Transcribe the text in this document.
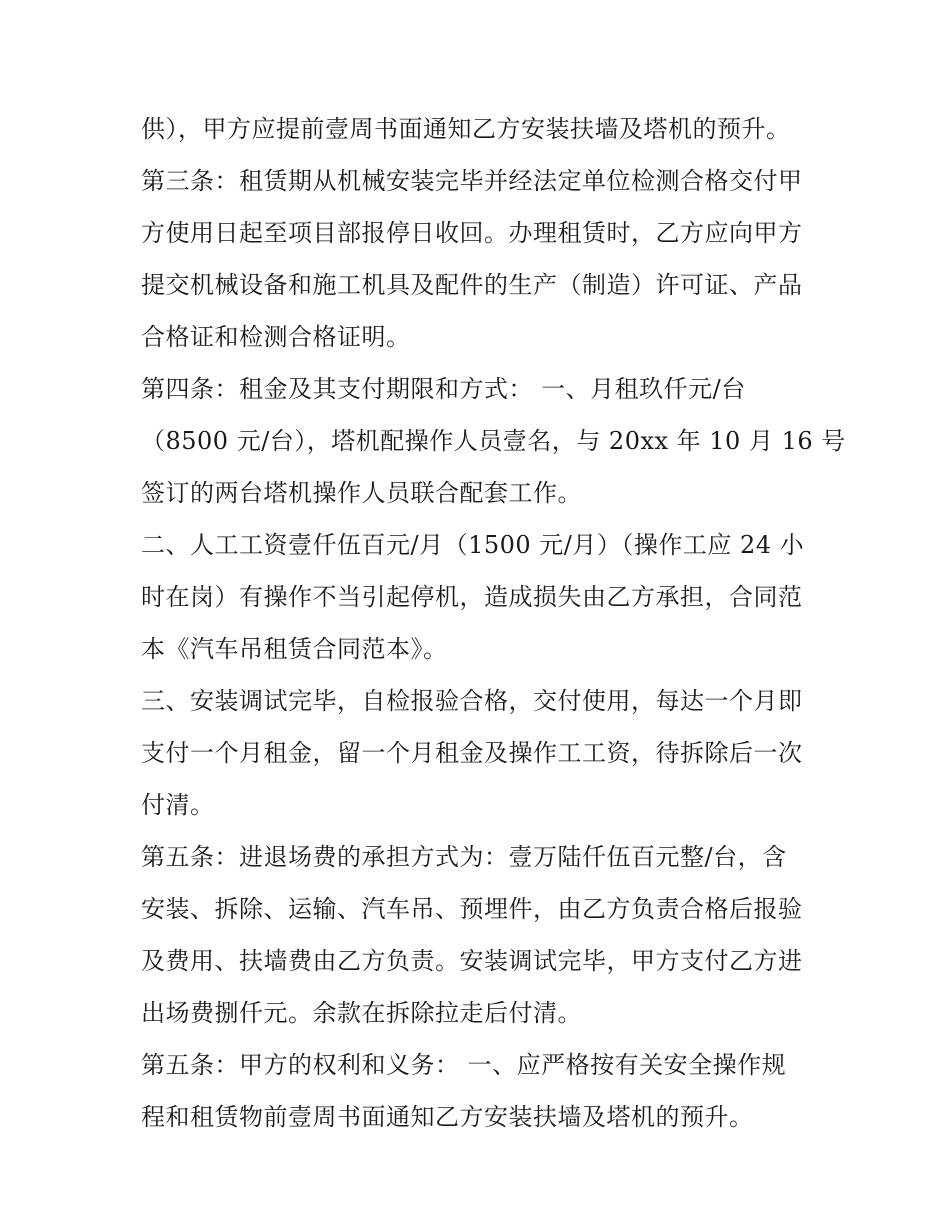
供），甲方应提前壹周书面通知乙方安装扶墙及塔机的预升。
第三条：租赁期从机械安装完毕并经法定单位检测合格交付甲
方使用日起至项目部报停日收回。办理租赁时，乙方应向甲方
提交机械设备和施工机具及配件的生产（制造）许可证、产品
合格证和检测合格证明。
第四条：租金及其支付期限和方式： 一、月租玖仟元/台
（8500 元/台），塔机配操作人员壹名，与 20xx 年 10 月 16 号
签订的两台塔机操作人员联合配套工作。
二、人工工资壹仟伍百元/月（1500 元/月）（操作工应 24 小
时在岗）有操作不当引起停机，造成损失由乙方承担，合同范
本《汽车吊租赁合同范本》。
三、安装调试完毕，自检报验合格，交付使用，每达一个月即
支付一个月租金，留一个月租金及操作工工资，待拆除后一次
付清。
第五条：进退场费的承担方式为：壹万陆仟伍百元整/台，含
安装、拆除、运输、汽车吊、预埋件，由乙方负责合格后报验
及费用、扶墙费由乙方负责。安装调试完毕，甲方支付乙方进
出场费捌仟元。余款在拆除拉走后付清。
第五条：甲方的权利和义务： 一、应严格按有关安全操作规
程和租赁物前壹周书面通知乙方安装扶墙及塔机的预升。
